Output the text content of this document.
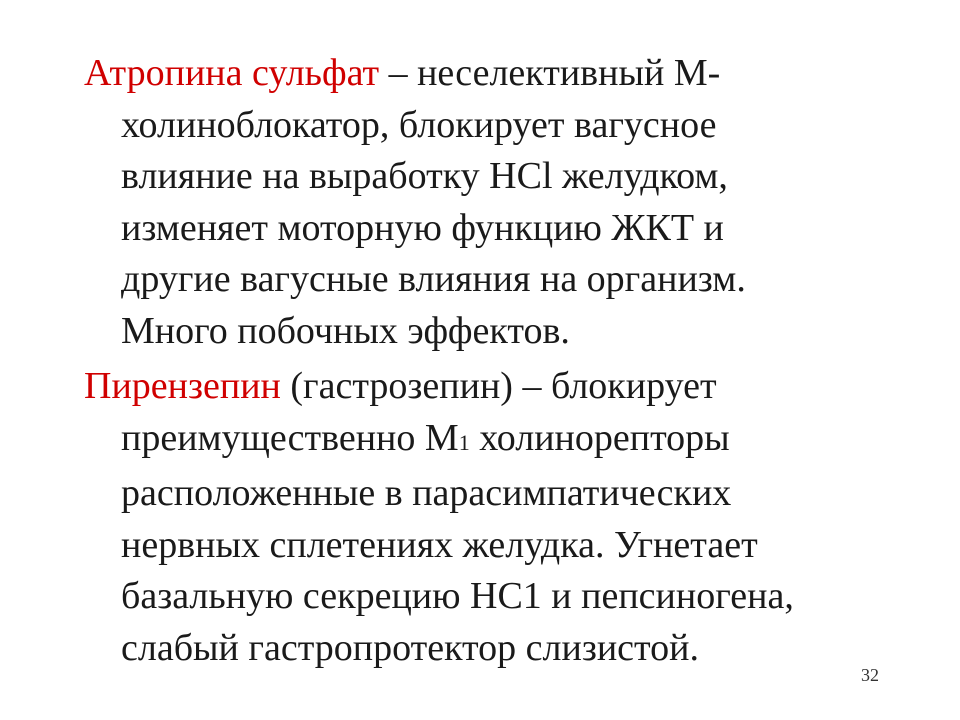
Атропина сульфат – неселективный М-
холиноблокатор, блокирует вагусное
влияние на выработку HCl желудком,
изменяет моторную функцию ЖКТ и
другие вагусные влияния на организм.
Много побочных эффектов.

Пирензепин (гастрозепин) – блокирует
преимущественно М1 холинорепторы
расположенные в парасимпатических
нервных сплетениях желудка. Угнетает
базальную секрецию НС1 и пепсиногена,
слабый гастропротектор слизистой.

32
